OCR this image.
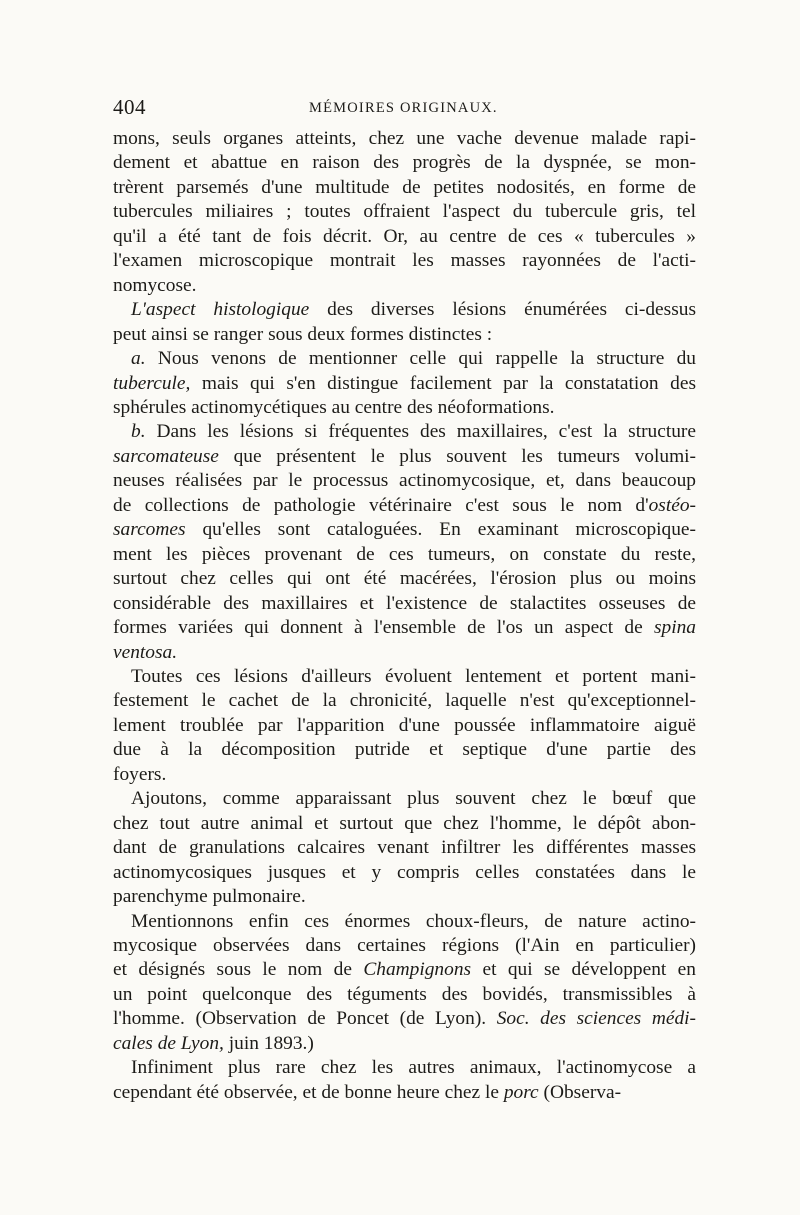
404	MÉMOIRES ORIGINAUX.

mons, seuls organes atteints, chez une vache devenue malade rapi-
dement et abattue en raison des progrès de la dyspnée, se mon-
trèrent parsemés d'une multitude de petites nodosités, en forme de
tubercules miliaires ; toutes offraient l'aspect du tubercule gris, tel
qu'il a été tant de fois décrit. Or, au centre de ces « tubercules »
l'examen microscopique montrait les masses rayonnées de l'acti-
nomycose.

L'aspect histologique des diverses lésions énumérées ci-dessus
peut ainsi se ranger sous deux formes distinctes :

a. Nous venons de mentionner celle qui rappelle la structure du
tubercule, mais qui s'en distingue facilement par la constatation des
sphérules actinomycétiques au centre des néoformations.

b. Dans les lésions si fréquentes des maxillaires, c'est la structure
sarcomateuse que présentent le plus souvent les tumeurs volumi-
neuses réalisées par le processus actinomycosique, et, dans beaucoup
de collections de pathologie vétérinaire c'est sous le nom d'ostéo-
sarcomes qu'elles sont cataloguées. En examinant microscopique-
ment les pièces provenant de ces tumeurs, on constate du reste,
surtout chez celles qui ont été macérées, l'érosion plus ou moins
considérable des maxillaires et l'existence de stalactites osseuses de
formes variées qui donnent à l'ensemble de l'os un aspect de spina
ventosa.

Toutes ces lésions d'ailleurs évoluent lentement et portent mani-
festement le cachet de la chronicité, laquelle n'est qu'exceptionnel-
lement troublée par l'apparition d'une poussée inflammatoire aiguë
due à la décomposition putride et septique d'une partie des
foyers.

Ajoutons, comme apparaissant plus souvent chez le bœuf que
chez tout autre animal et surtout que chez l'homme, le dépôt abon-
dant de granulations calcaires venant infiltrer les différentes masses
actinomycosiques jusques et y compris celles constatées dans le
parenchyme pulmonaire.

Mentionnons enfin ces énormes choux-fleurs, de nature actino-
mycosique observées dans certaines régions (l'Ain en particulier)
et désignés sous le nom de Champignons et qui se développent en
un point quelconque des téguments des bovidés, transmissibles à
l'homme. (Observation de Poncet (de Lyon). Soc. des sciences médi-
cales de Lyon, juin 1893.)

Infiniment plus rare chez les autres animaux, l'actinomycose a
cependant été observée, et de bonne heure chez le porc (Observa-
